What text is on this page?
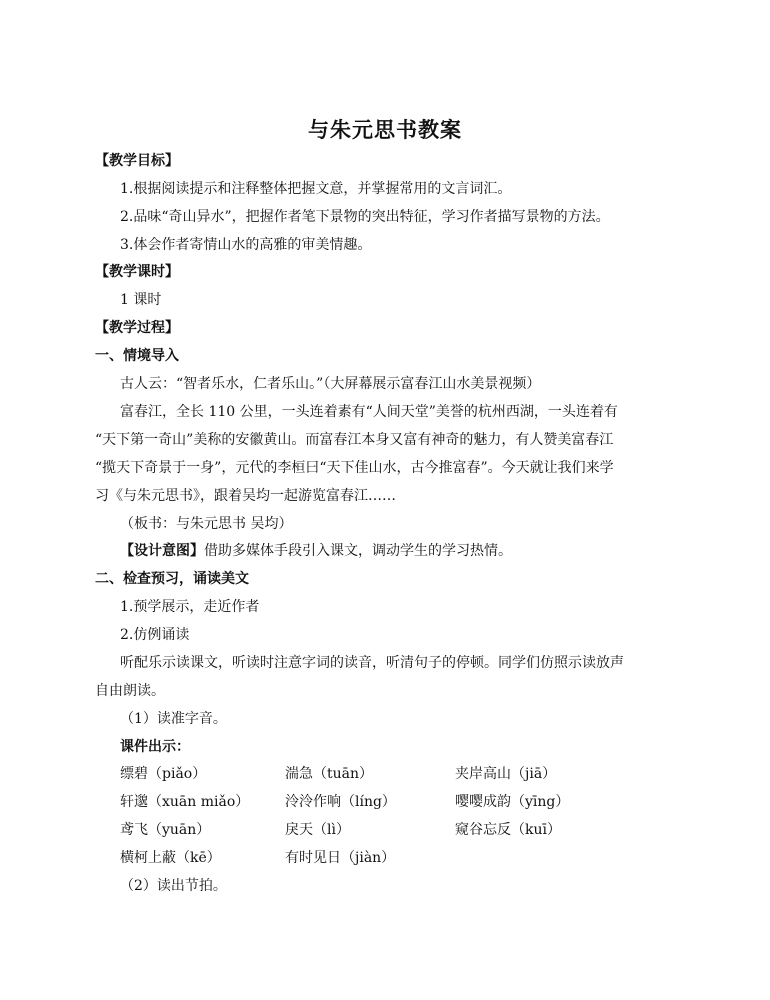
与朱元思书教案
【教学目标】
1.根据阅读提示和注释整体把握文意，并掌握常用的文言词汇。
2.品味“奇山异水”，把握作者笔下景物的突出特征，学习作者描写景物的方法。
3.体会作者寄情山水的高雅的审美情趣。
【教学课时】
1 课时
【教学过程】
一、情境导入
古人云：“智者乐水，仁者乐山。”（大屏幕展示富春江山水美景视频）
富春江，全长 110 公里，一头连着素有“人间天堂”美誉的杭州西湖，一头连着有
“天下第一奇山”美称的安徽黄山。而富春江本身又富有神奇的魅力，有人赞美富春江
“揽天下奇景于一身”，元代的李桓曰“天下佳山水，古今推富春”。今天就让我们来学
习《与朱元思书》，跟着吴均一起游览富春江……
（板书：与朱元思书 吴均）
【设计意图】借助多媒体手段引入课文，调动学生的学习热情。
二、检查预习，诵读美文
1.预学展示，走近作者
2.仿例诵读
听配乐示读课文，听读时注意字词的读音，听清句子的停顿。同学们仿照示读放声
自由朗读。
（1）读准字音。
课件出示：
缥碧（piǎo）	湍急（tuān）	夹岸高山（jiā）
轩邈（xuān miǎo）	泠泠作响（líng）	嘤嘤成韵（yīng）
鸢飞（yuān）	戾天（lì）	窥谷忘反（kuī）
横柯上蔽（kē）	有时见日（jiàn）
（2）读出节拍。
